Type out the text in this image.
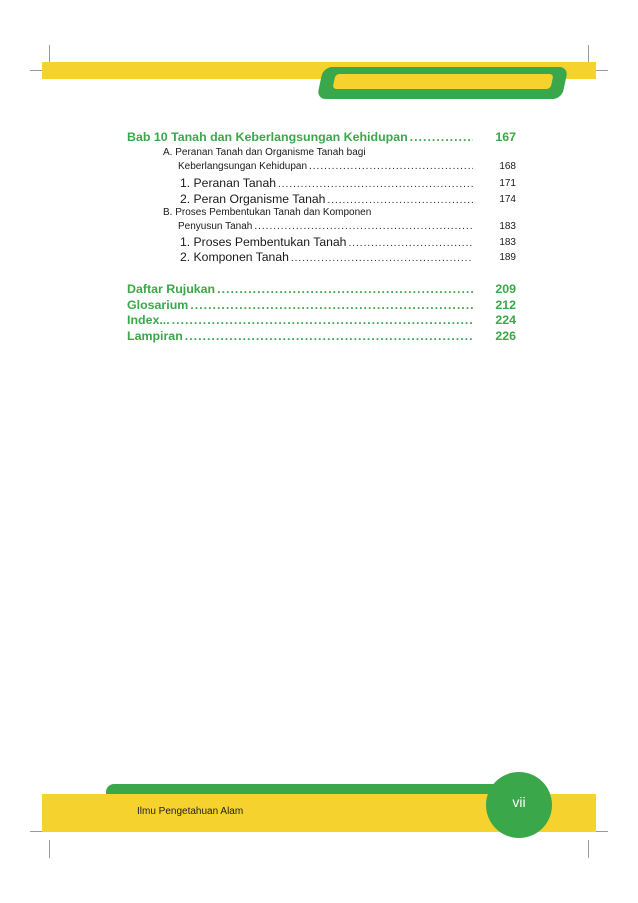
Bab 10 Tanah dan Keberlangsungan Kehidupan .....	167
A. Peranan Tanah dan Organisme Tanah bagi
Keberlangsungan Kehidupan .....	168
1. Peranan Tanah .....	171
2. Peran Organisme Tanah .....	174
B. Proses Pembentukan Tanah dan Komponen
Penyusun Tanah .....	183
1. Proses Pembentukan Tanah .....	183
2. Komponen Tanah .....	189
Daftar Rujukan .....	209
Glosarium .....	212
Index... .....	224
Lampiran .....	226
Ilmu Pengetahuan Alam
vii
